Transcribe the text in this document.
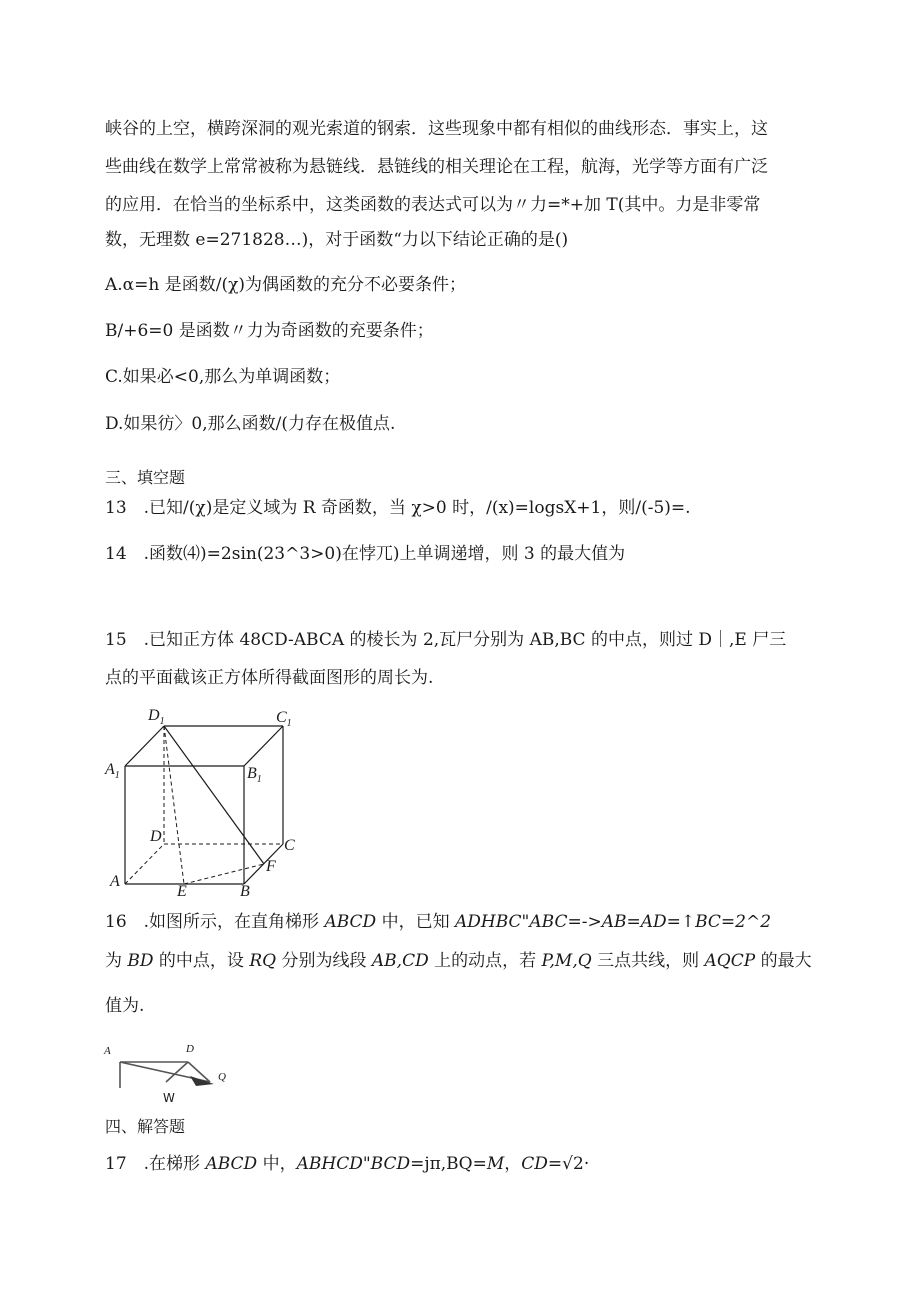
峡谷的上空，横跨深洞的观光索道的钢索．这些现象中都有相似的曲线形态．事实上，这
些曲线在数学上常常被称为悬链线．悬链线的相关理论在工程，航海，光学等方面有广泛
的应用．在恰当的坐标系中，这类函数的表达式可以为〃力=*+加 T(其中。力是非零常
数，无理数 e=271828…)，对于函数“力以下结论正确的是()
A.α=h 是函数/(χ)为偶函数的充分不必要条件；
B/+6=0 是函数〃力为奇函数的充要条件；
C.如果必<0,那么为单调函数；
D.如果彷〉0,那么函数/(力存在极值点.
三、填空题
13　.已知/(χ)是定义域为 R 奇函数，当 χ>0 时，/(x)=logsX+1，则/(-5)=.
14　.函数⑷)=2sin(23^3>0)在悖兀)上单调递增，则 3 的最大值为
15　.已知正方体 48CD-ABCA 的棱长为 2,瓦尸分别为 AB,BC 的中点，则过 D｜,E 尸三
点的平面截该正方体所得截面图形的周长为.
$D_1$	$C_1$
$A_1$	$B_1$
D
C
F
A
E	B
16　.如图所示，在直角梯形 ABCD 中，已知 ADHBC"ABC=->AB=AD=↑BC=2^2
为 BD 的中点，设 RQ 分别为线段 AB,CD 上的动点，若 P,M,Q 三点共线，则 AQCP 的最大
值为.
A	D
Q
W
四、解答题
17　.在梯形 ABCD 中，ABHCD"BCD=jπ,BQ=M，CD=√2·
